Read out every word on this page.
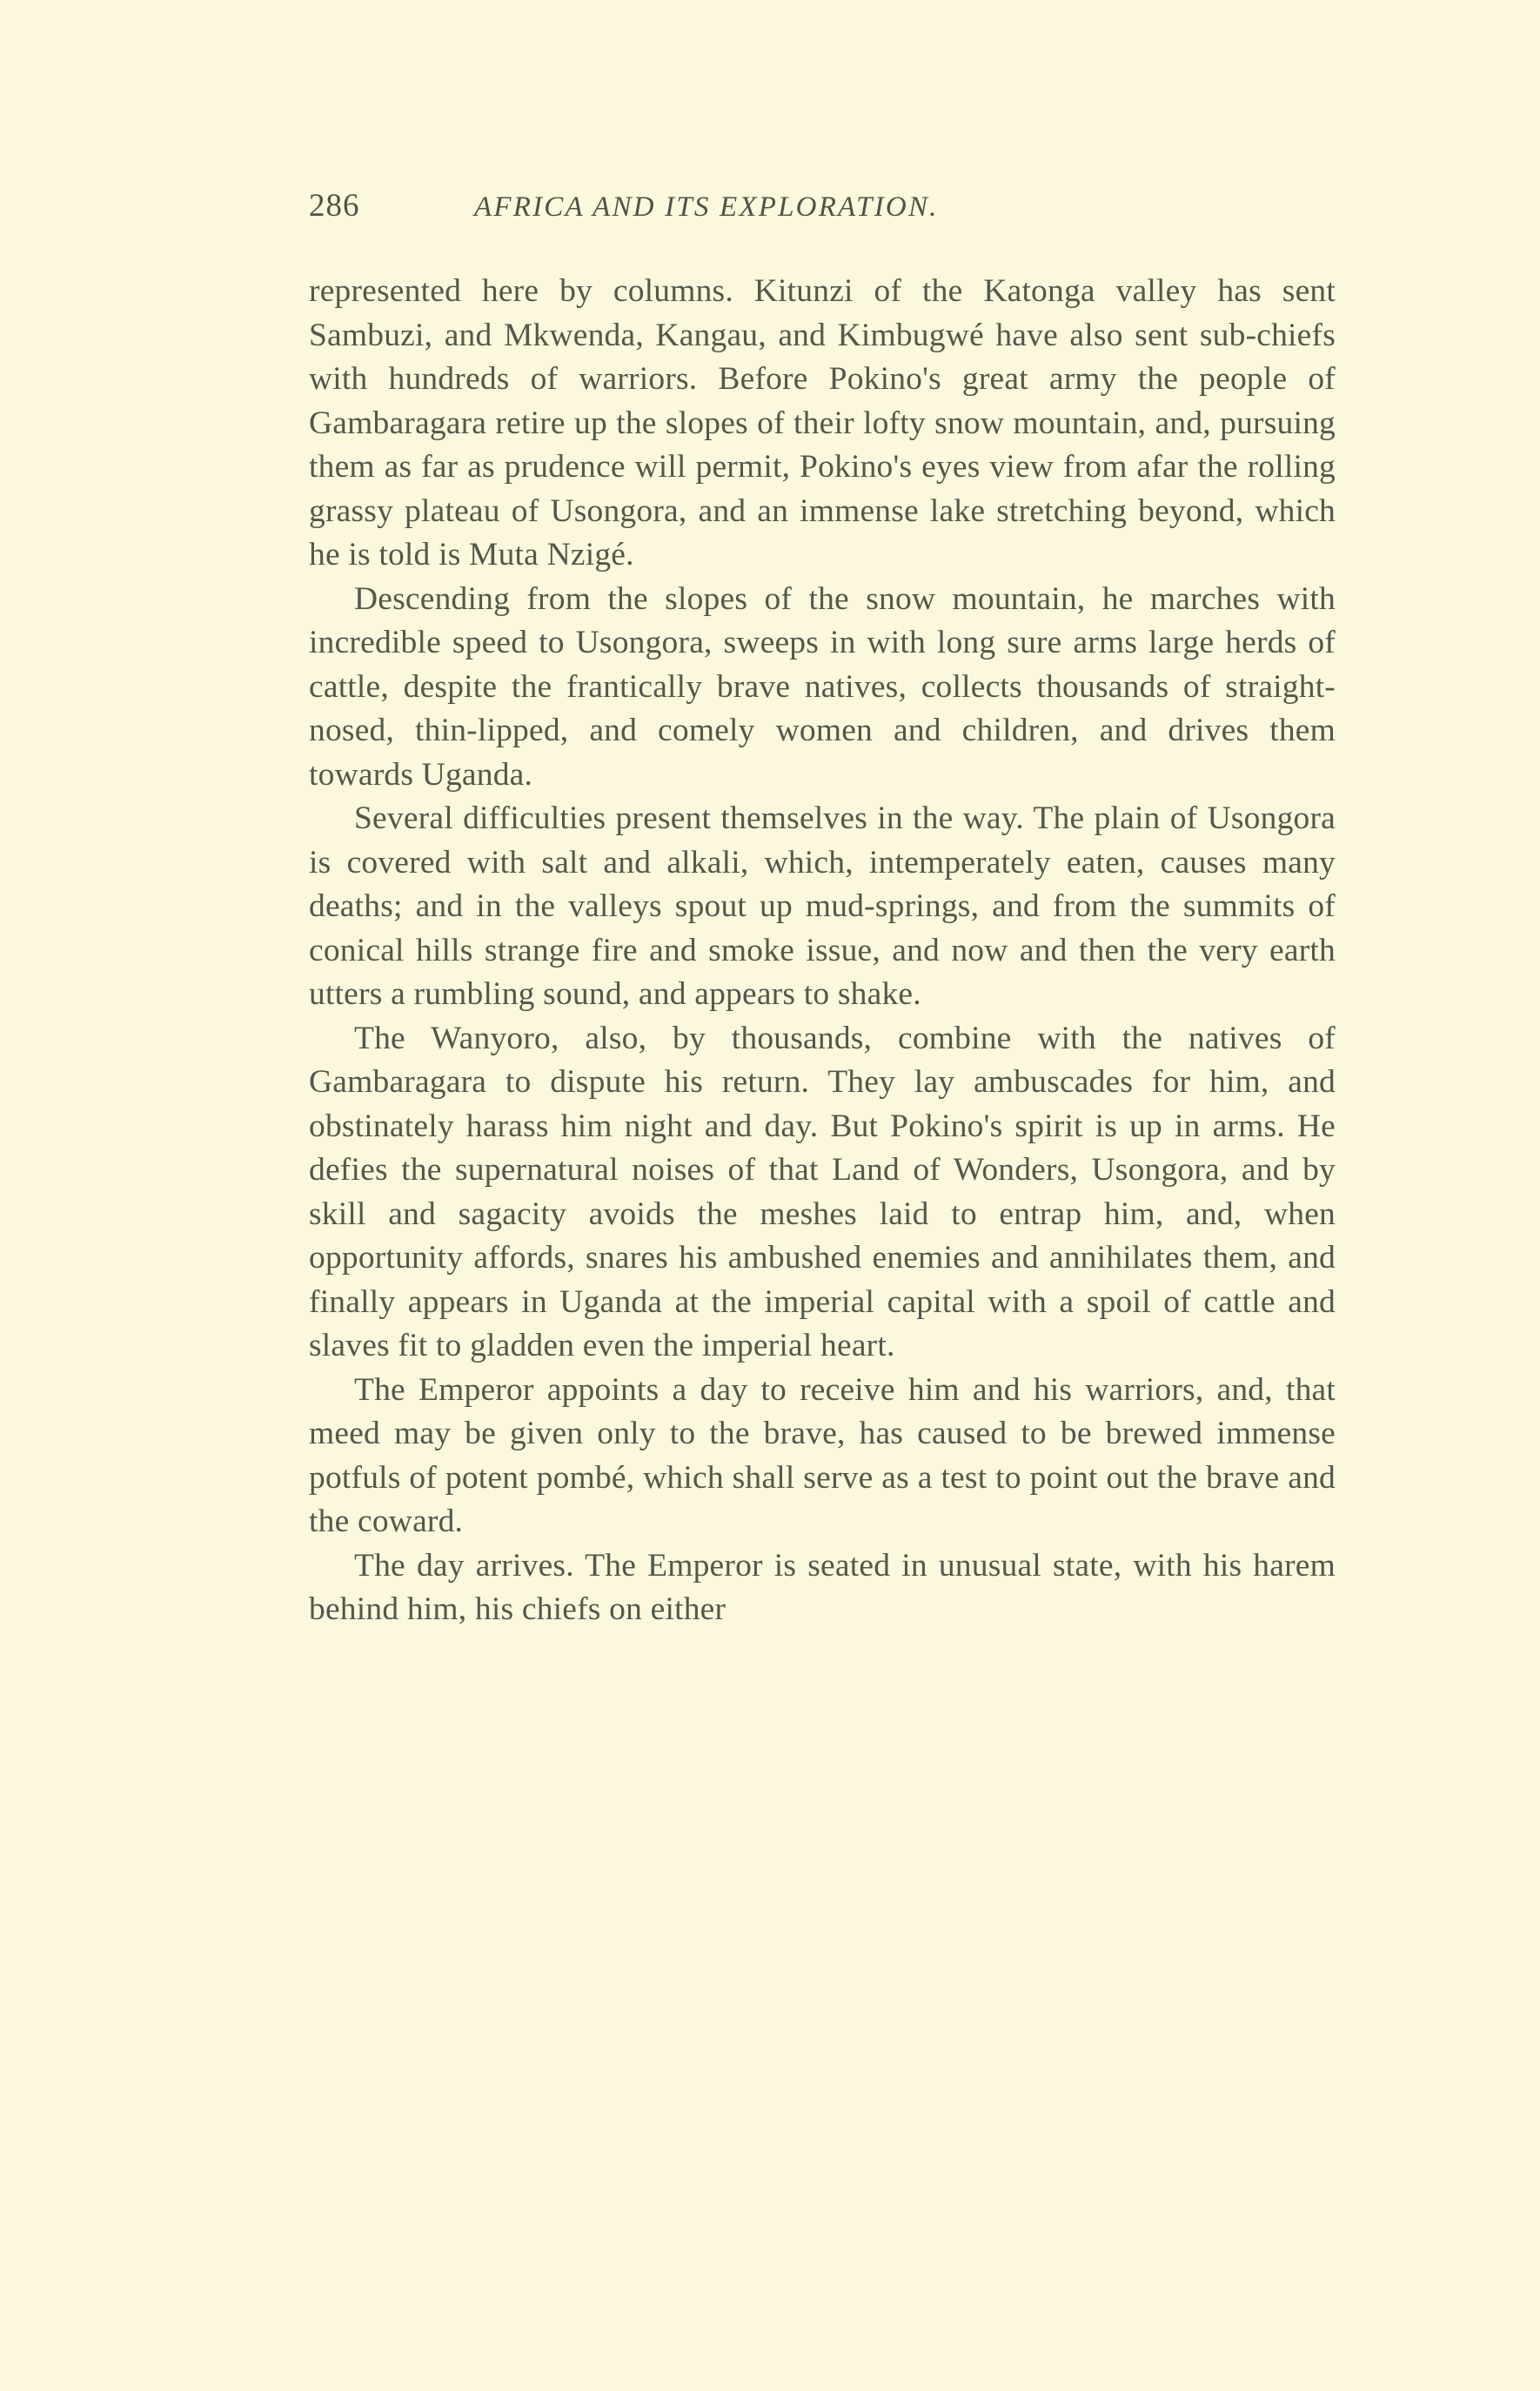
286	AFRICA AND ITS EXPLORATION.

represented here by columns. Kitunzi of the Katonga valley has sent Sambuzi, and Mkwenda, Kangau, and Kimbugwé have also sent sub-chiefs with hundreds of warriors. Before Pokino's great army the people of Gambaragara retire up the slopes of their lofty snow mountain, and, pursuing them as far as prudence will permit, Pokino's eyes view from afar the rolling grassy plateau of Usongora, and an immense lake stretching beyond, which he is told is Muta Nzigé.

Descending from the slopes of the snow mountain, he marches with incredible speed to Usongora, sweeps in with long sure arms large herds of cattle, despite the frantically brave natives, collects thousands of straight-nosed, thin-lipped, and comely women and children, and drives them towards Uganda.

Several difficulties present themselves in the way. The plain of Usongora is covered with salt and alkali, which, intemperately eaten, causes many deaths; and in the valleys spout up mud-springs, and from the summits of conical hills strange fire and smoke issue, and now and then the very earth utters a rumbling sound, and appears to shake.

The Wanyoro, also, by thousands, combine with the natives of Gambaragara to dispute his return. They lay ambuscades for him, and obstinately harass him night and day. But Pokino's spirit is up in arms. He defies the supernatural noises of that Land of Wonders, Usongora, and by skill and sagacity avoids the meshes laid to entrap him, and, when opportunity affords, snares his ambushed enemies and annihilates them, and finally appears in Uganda at the imperial capital with a spoil of cattle and slaves fit to gladden even the imperial heart.

The Emperor appoints a day to receive him and his warriors, and, that meed may be given only to the brave, has caused to be brewed immense potfuls of potent pombé, which shall serve as a test to point out the brave and the coward.

The day arrives. The Emperor is seated in unusual state, with his harem behind him, his chiefs on either
